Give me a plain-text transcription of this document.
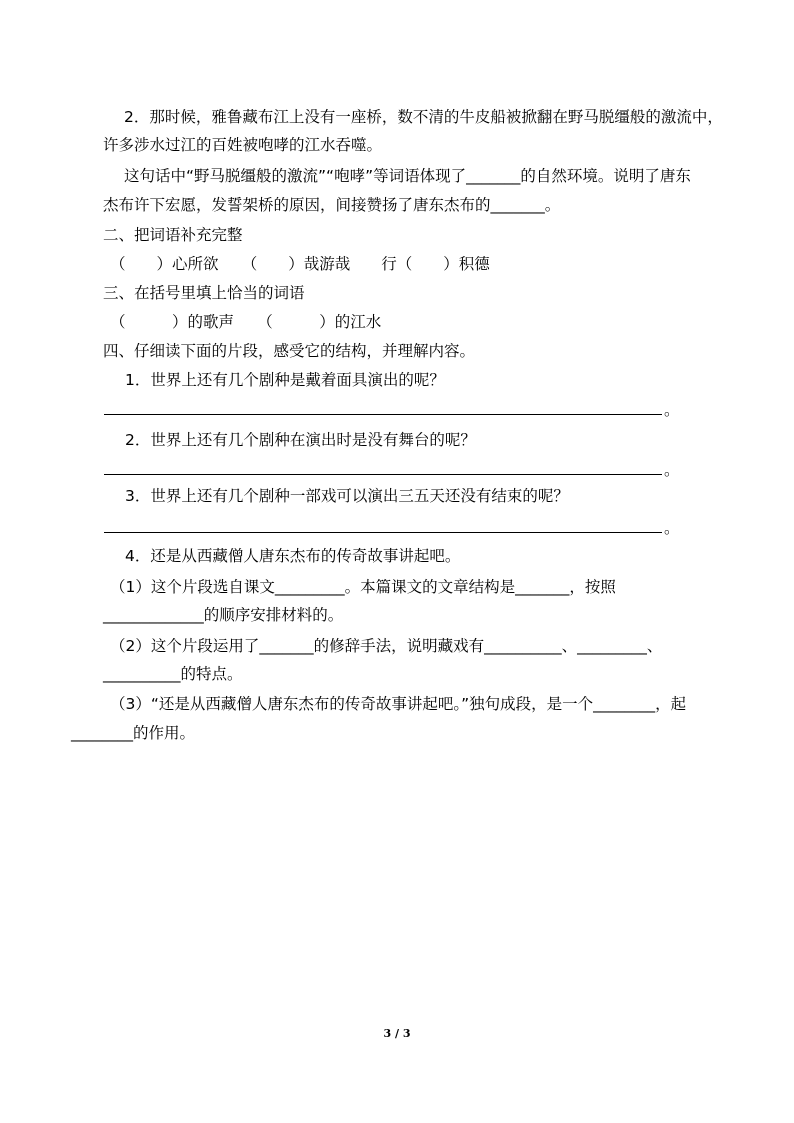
2．那时候，雅鲁藏布江上没有一座桥，数不清的牛皮船被掀翻在野马脱缰般的激流中，
许多涉水过江的百姓被咆哮的江水吞噬。
这句话中“野马脱缰般的激流”“咆哮”等词语体现了_______的自然环境。说明了唐东
杰布许下宏愿，发誓架桥的原因，间接赞扬了唐东杰布的_______。
二、把词语补充完整
（　　）心所欲　　（　　）哉游哉　　行（　　）积德
三、在括号里填上恰当的词语
（　　　）的歌声　　（　　　）的江水
四、仔细读下面的片段，感受它的结构，并理解内容。
1．世界上还有几个剧种是戴着面具演出的呢？
。
2．世界上还有几个剧种在演出时是没有舞台的呢？
。
3．世界上还有几个剧种一部戏可以演出三五天还没有结束的呢？
。
4．还是从西藏僧人唐东杰布的传奇故事讲起吧。
（1）这个片段选自课文_________。本篇课文的文章结构是_______，按照
_____________的顺序安排材料的。
（2）这个片段运用了_______的修辞手法，说明藏戏有__________、_________、
__________的特点。
（3）“还是从西藏僧人唐东杰布的传奇故事讲起吧。”独句成段，是一个________，起
________的作用。
3 / 3
